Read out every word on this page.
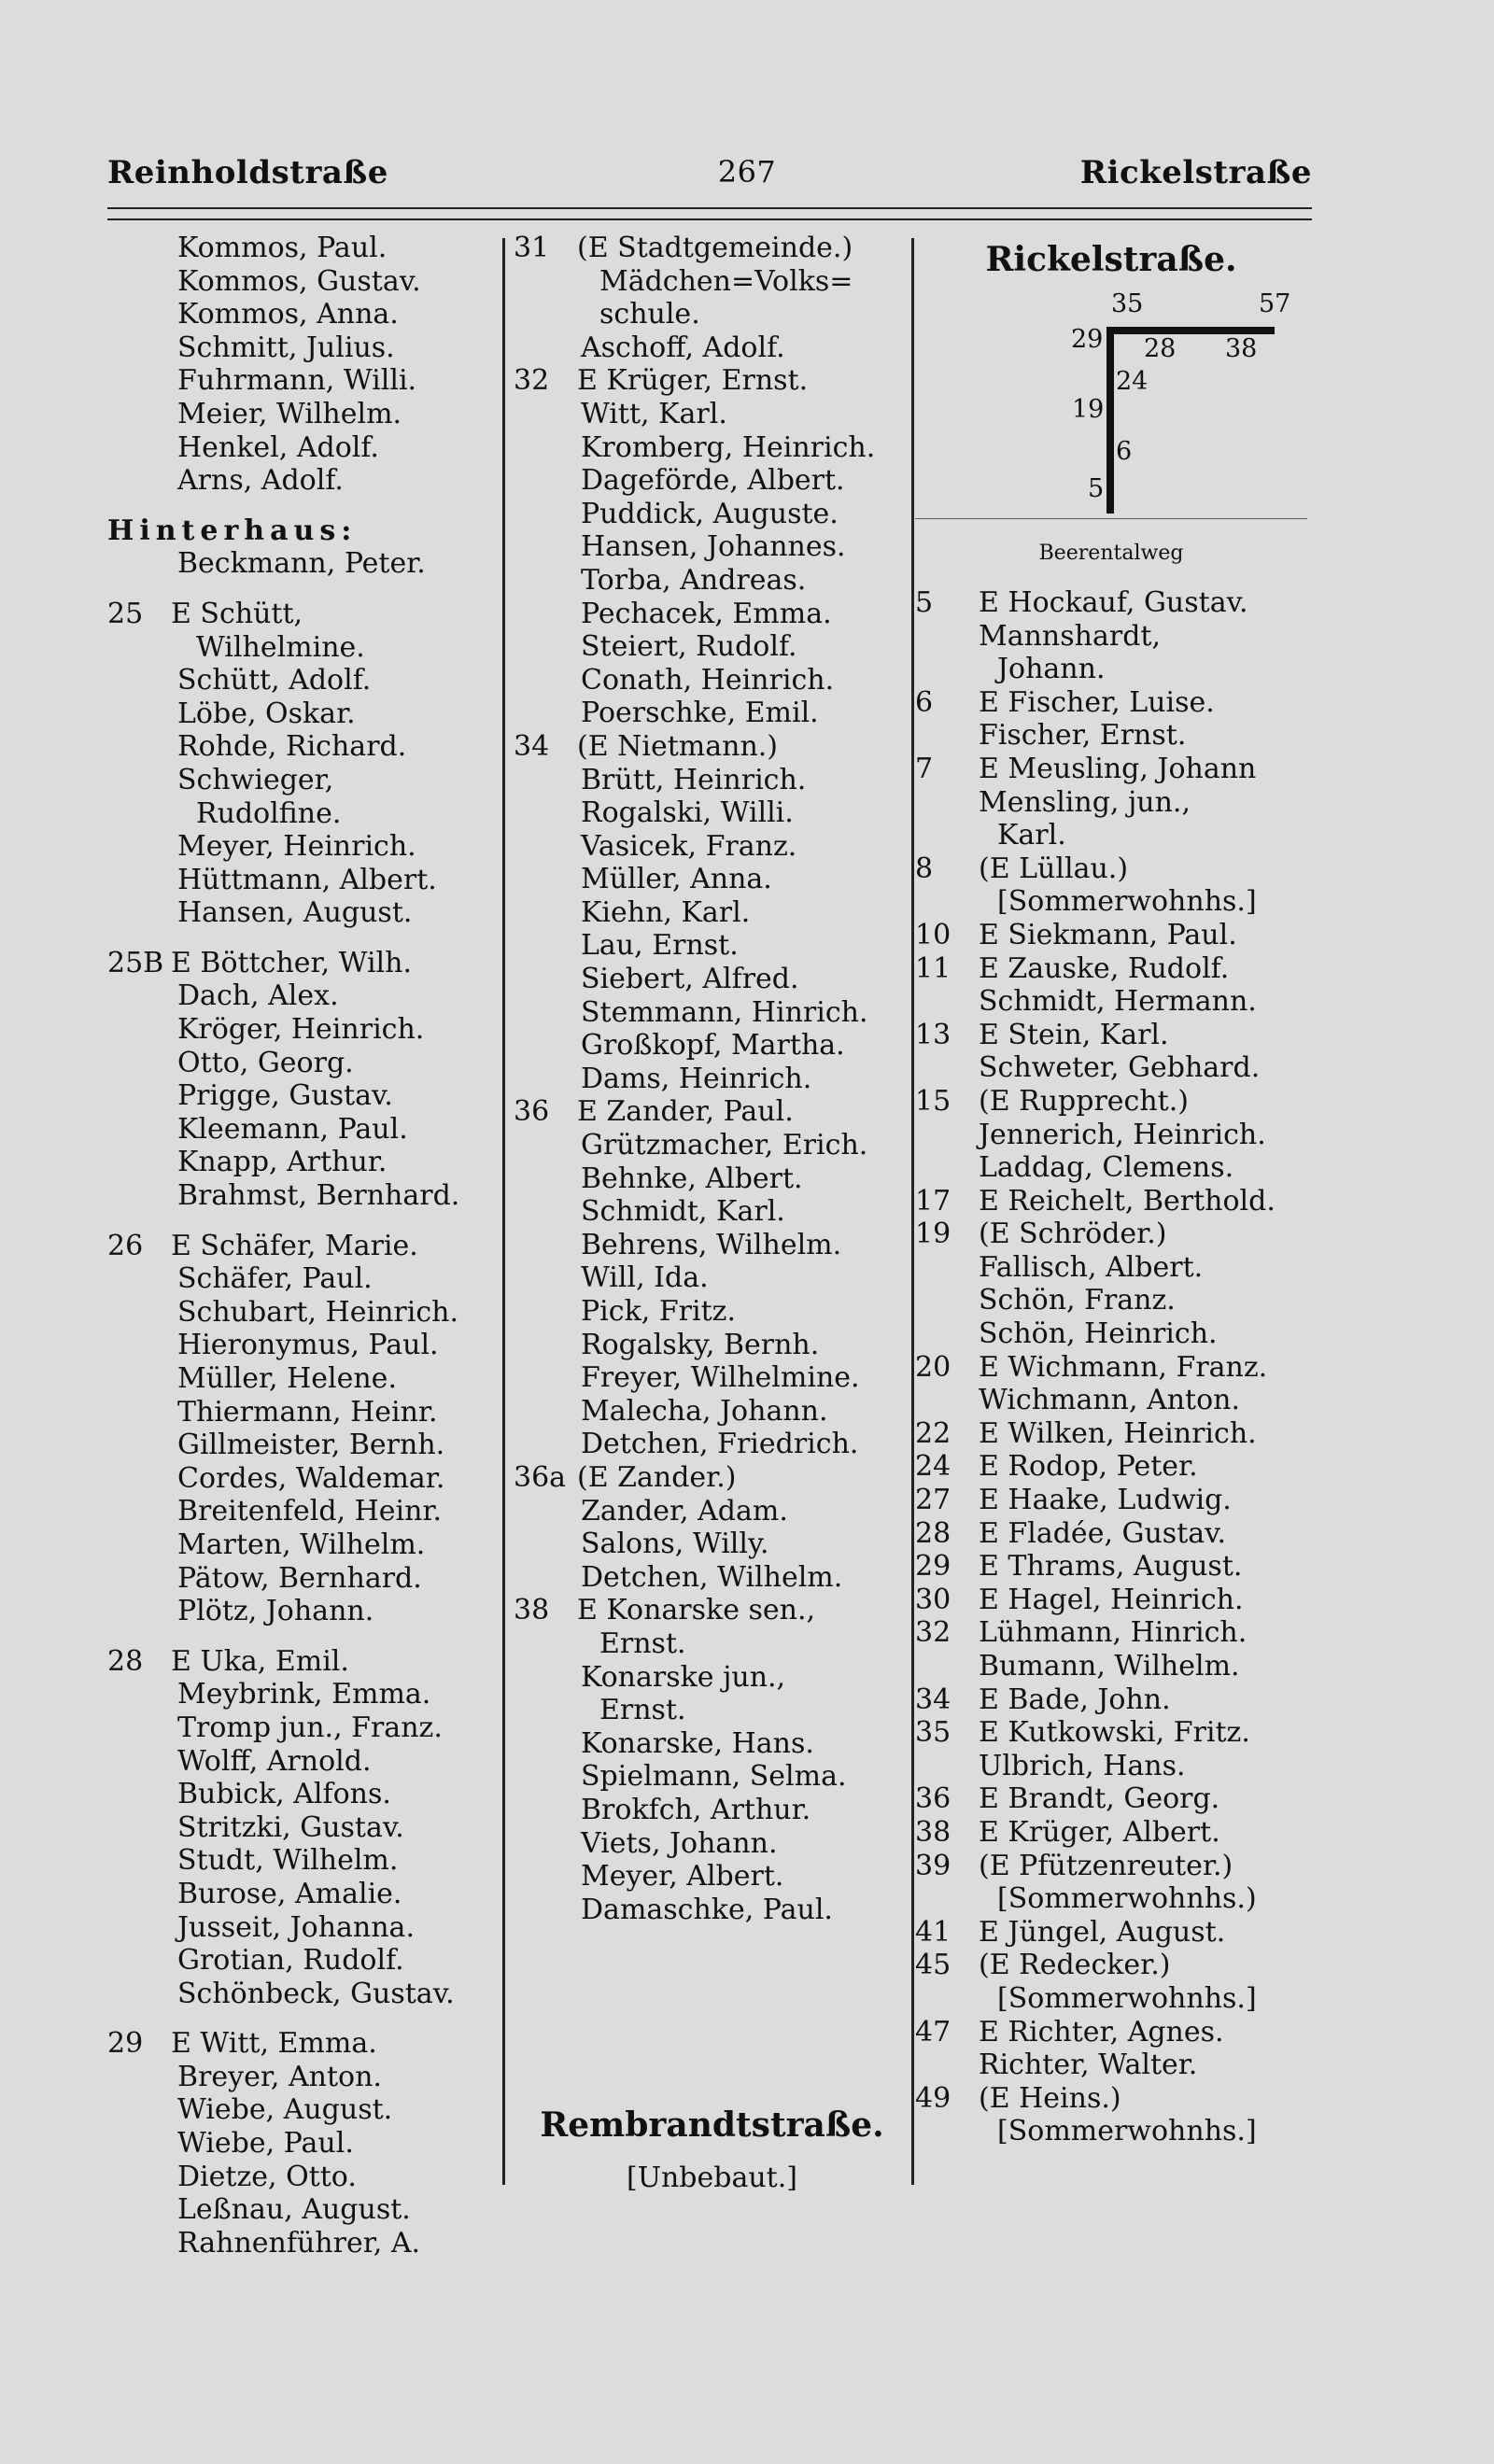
Reinholdstraße	267	Rickelstraße
Kommos, Paul.
Kommos, Gustav.
Kommos, Anna.
Schmitt, Julius.
Fuhrmann, Willi.
Meier, Wilhelm.
Henkel, Adolf.
Arns, Adolf.
Hinterhaus:
Beckmann, Peter.
25 E Schütt,
Wilhelmine.
Schütt, Adolf.
Löbe, Oskar.
Rohde, Richard.
Schwieger,
Rudolfine.
Meyer, Heinrich.
Hüttmann, Albert.
Hansen, August.
25B E Böttcher, Wilh.
Dach, Alex.
Kröger, Heinrich.
Otto, Georg.
Prigge, Gustav.
Kleemann, Paul.
Knapp, Arthur.
Brahmst, Bernhard.
26 E Schäfer, Marie.
Schäfer, Paul.
Schubart, Heinrich.
Hieronymus, Paul.
Müller, Helene.
Thiermann, Heinr.
Gillmeister, Bernh.
Cordes, Waldemar.
Breitenfeld, Heinr.
Marten, Wilhelm.
Pätow, Bernhard.
Plötz, Johann.
28 E Uka, Emil.
Meybrink, Emma.
Tromp jun., Franz.
Wolff, Arnold.
Bubick, Alfons.
Stritzki, Gustav.
Studt, Wilhelm.
Burose, Amalie.
Jusseit, Johanna.
Grotian, Rudolf.
Schönbeck, Gustav.
29 E Witt, Emma.
Breyer, Anton.
Wiebe, August.
Wiebe, Paul.
Dietze, Otto.
Leßnau, August.
Rahnenführer, A.
31 (E Stadtgemeinde.)
Mädchen=Volks=
schule.
Aschoff, Adolf.
32 E Krüger, Ernst.
Witt, Karl.
Kromberg, Heinrich.
Dageförde, Albert.
Puddick, Auguste.
Hansen, Johannes.
Torba, Andreas.
Pechacek, Emma.
Steiert, Rudolf.
Conath, Heinrich.
Poerschke, Emil.
34 (E Nietmann.)
Brütt, Heinrich.
Rogalski, Willi.
Vasicek, Franz.
Müller, Anna.
Kiehn, Karl.
Lau, Ernst.
Siebert, Alfred.
Stemmann, Hinrich.
Großkopf, Martha.
Dams, Heinrich.
36 E Zander, Paul.
Grützmacher, Erich.
Behnke, Albert.
Schmidt, Karl.
Behrens, Wilhelm.
Will, Ida.
Pick, Fritz.
Rogalsky, Bernh.
Freyer, Wilhelmine.
Malecha, Johann.
Detchen, Friedrich.
36a (E Zander.)
Zander, Adam.
Salons, Willy.
Detchen, Wilhelm.
38 E Konarske sen.,
Ernst.
Konarske jun.,
Ernst.
Konarske, Hans.
Spielmann, Selma.
Brokfch, Arthur.
Viets, Johann.
Meyer, Albert.
Damaschke, Paul.
Rembrandtstraße.
[Unbebaut.]
Rickelstraße.
35	57
29 28 38
24
19
6
5
Beerentalweg
5	E Hockauf, Gustav.
Mannshardt,
Johann.
6	E Fischer, Luise.
Fischer, Ernst.
7	E Meusling, Johann
Mensling, jun.,
Karl.
8	(E Lüllau.)
[Sommerwohnhs.]
10 E Siekmann, Paul.
11 E Zauske, Rudolf.
Schmidt, Hermann.
13 E Stein, Karl.
Schweter, Gebhard.
15 (E Rupprecht.)
Jennerich, Heinrich.
Laddag, Clemens.
17 E Reichelt, Berthold.
19 (E Schröder.)
Fallisch, Albert.
Schön, Franz.
Schön, Heinrich.
20 E Wichmann, Franz.
Wichmann, Anton.
22 E Wilken, Heinrich.
24 E Rodop, Peter.
27 E Haake, Ludwig.
28 E Fladée, Gustav.
29 E Thrams, August.
30 E Hagel, Heinrich.
32 Lühmann, Hinrich.
Bumann, Wilhelm.
34 E Bade, John.
35 E Kutkowski, Fritz.
Ulbrich, Hans.
36 E Brandt, Georg.
38 E Krüger, Albert.
39 (E Pfützenreuter.)
[Sommerwohnhs.)
41 E Jüngel, August.
45 (E Redecker.)
[Sommerwohnhs.]
47 E Richter, Agnes.
Richter, Walter.
49 (E Heins.)
[Sommerwohnhs.]
